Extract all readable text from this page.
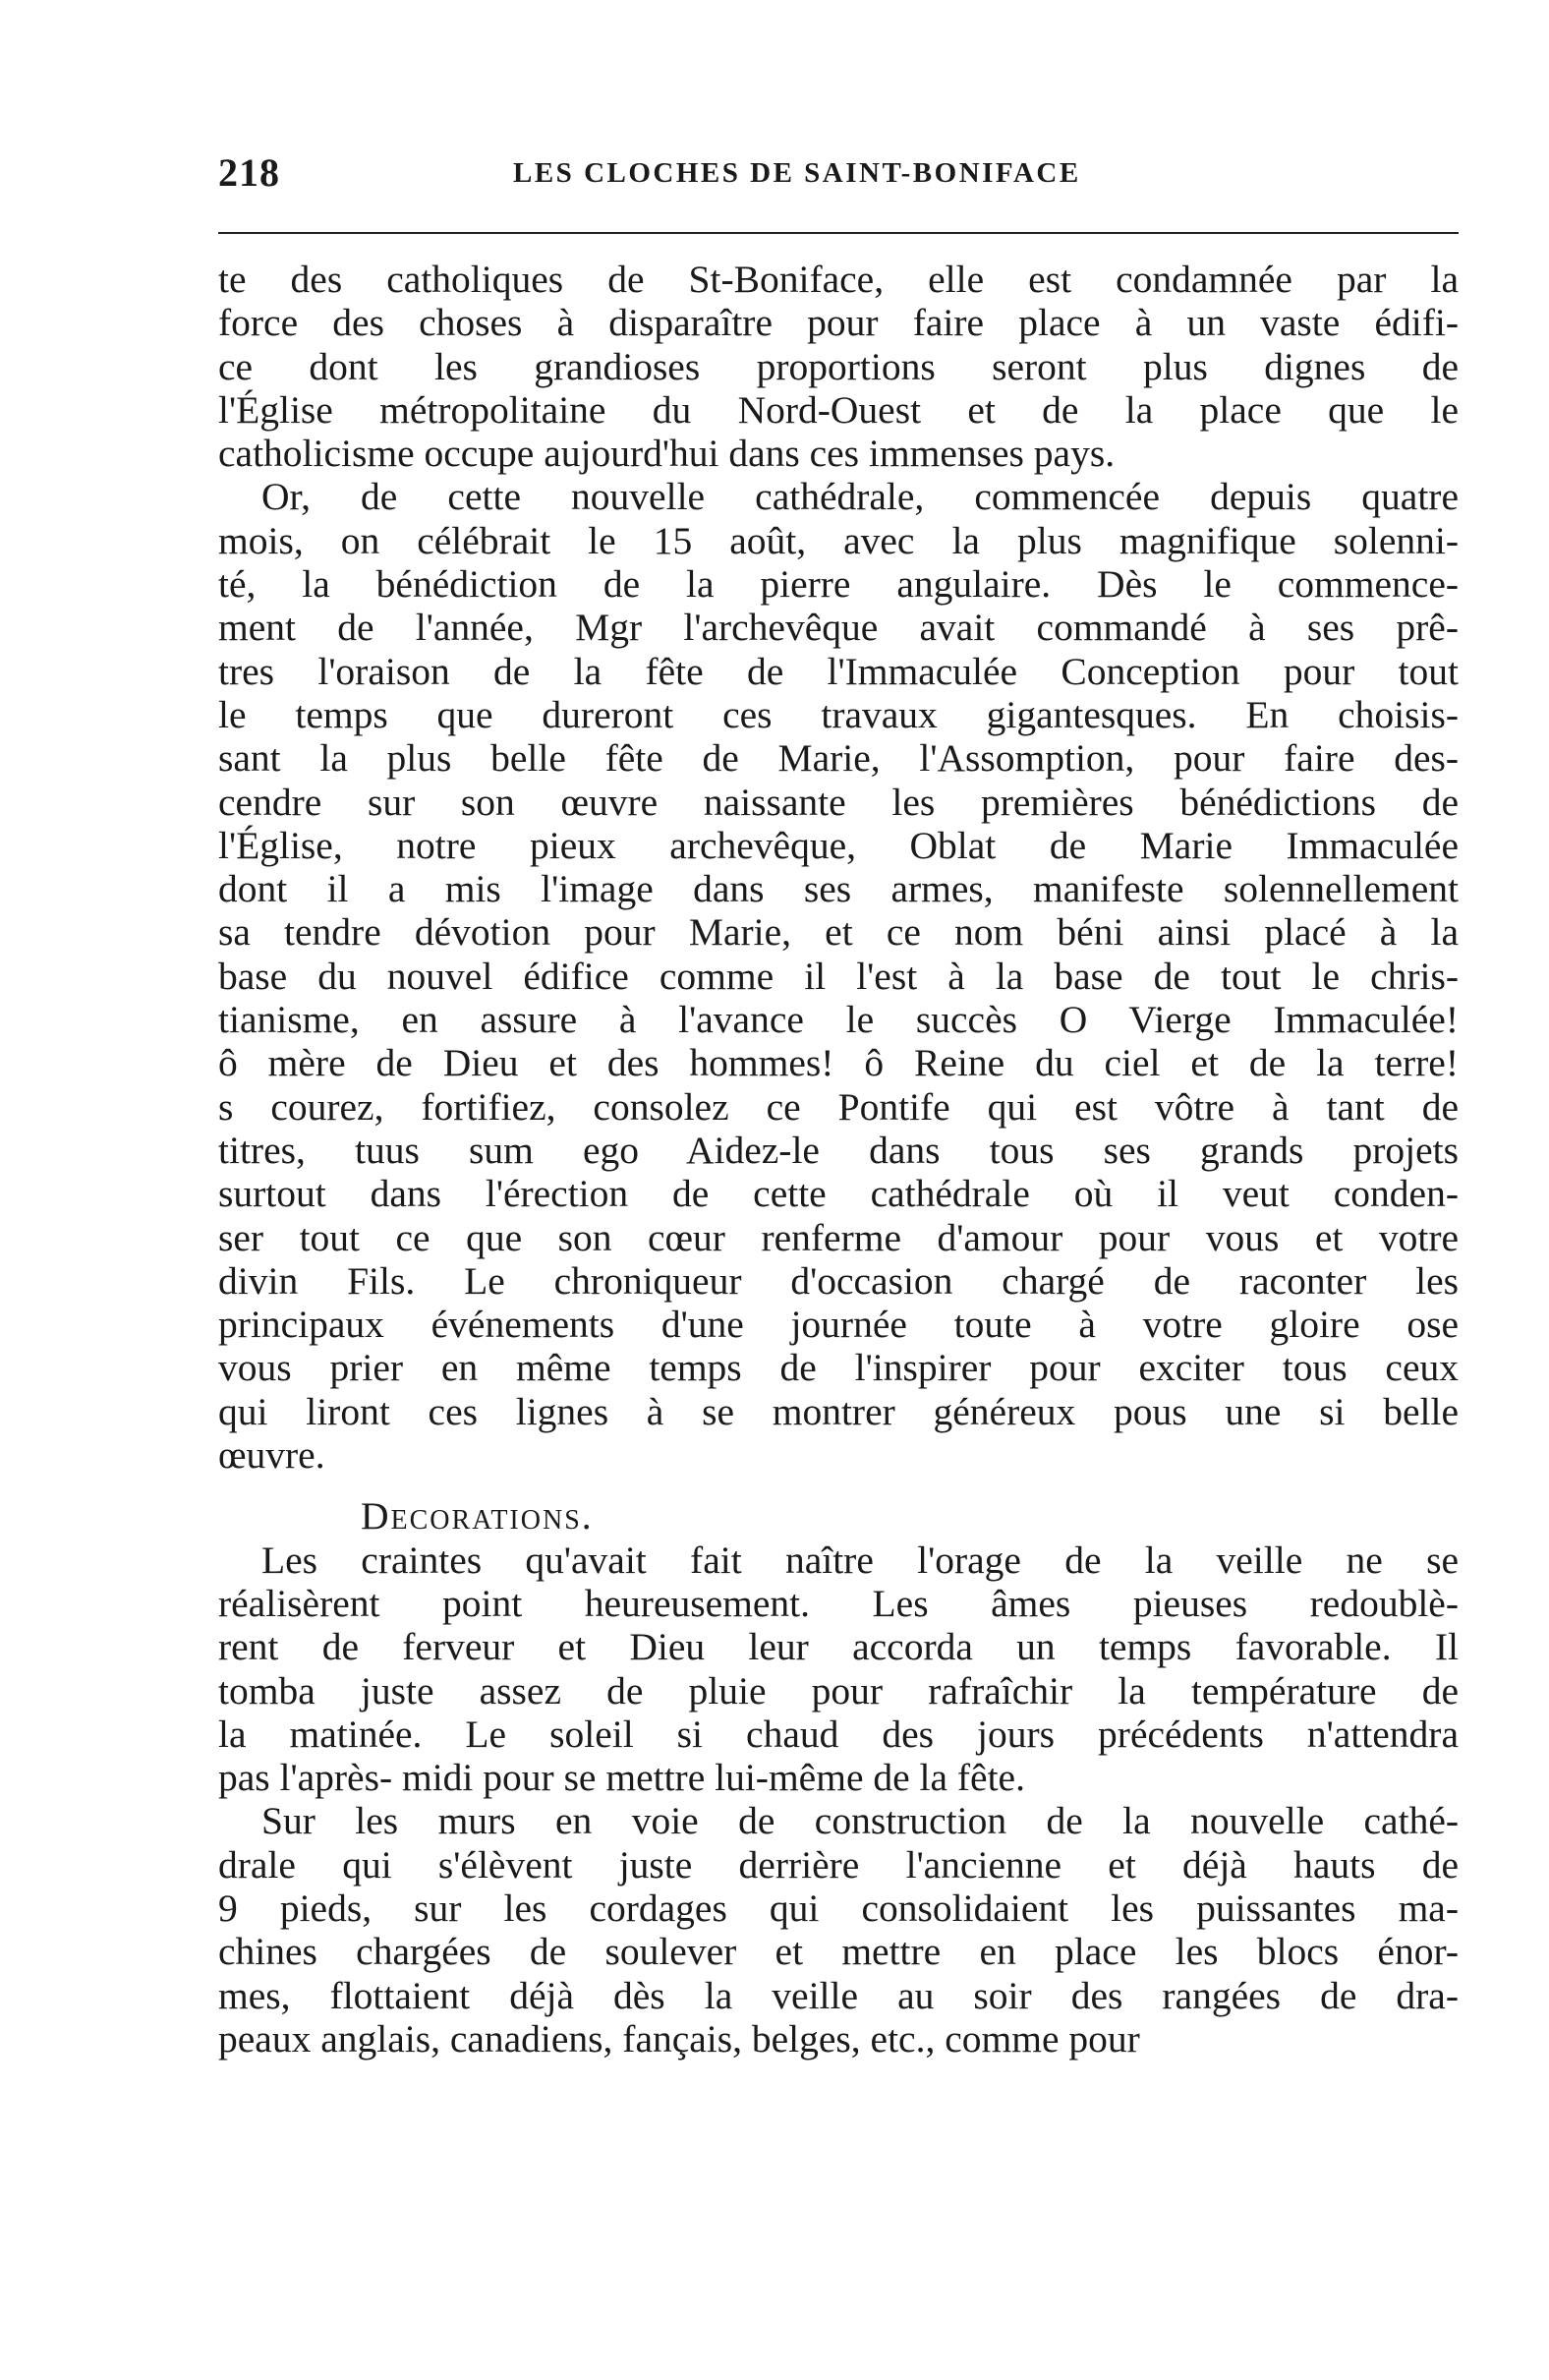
218	LES CLOCHES DE SAINT-BONIFACE
te des catholiques de St-Boniface, elle est condamnée par la
force des choses à disparaître pour faire place à un vaste édifi-
ce dont les grandioses proportions seront plus dignes de
l'Église métropolitaine du Nord-Ouest et de la place que le
catholicisme occupe aujourd'hui dans ces immenses pays.
Or, de cette nouvelle cathédrale, commencée depuis quatre
mois, on célébrait le 15 août, avec la plus magnifique solenni-
té, la bénédiction de la pierre angulaire. Dès le commence-
ment de l'année, Mgr l'archevêque avait commandé à ses prê-
tres l'oraison de la fête de l'Immaculée Conception pour tout
le temps que dureront ces travaux gigantesques. En choisis-
sant la plus belle fête de Marie, l'Assomption, pour faire des-
cendre sur son œuvre naissante les premières bénédictions de
l'Église, notre pieux archevêque, Oblat de Marie Immaculée
dont il a mis l'image dans ses armes, manifeste solennellement
sa tendre dévotion pour Marie, et ce nom béni ainsi placé à la
base du nouvel édifice comme il l'est à la base de tout le chris-
tianisme, en assure à l'avance le succès O Vierge Immaculée!
ô mère de Dieu et des hommes! ô Reine du ciel et de la terre!
s courez, fortifiez, consolez ce Pontife qui est vôtre à tant de
titres, tuus sum ego Aidez-le dans tous ses grands projets
surtout dans l'érection de cette cathédrale où il veut conden-
ser tout ce que son cœur renferme d'amour pour vous et votre
divin Fils. Le chroniqueur d'occasion chargé de raconter les
principaux événements d'une journée toute à votre gloire ose
vous prier en même temps de l'inspirer pour exciter tous ceux
qui liront ces lignes à se montrer généreux pous une si belle
œuvre.
Decorations.
Les craintes qu'avait fait naître l'orage de la veille ne se
réalisèrent point heureusement. Les âmes pieuses redoublè-
rent de ferveur et Dieu leur accorda un temps favorable. Il
tomba juste assez de pluie pour rafraîchir la température de
la matinée. Le soleil si chaud des jours précédents n'attendra
pas l'après- midi pour se mettre lui-même de la fête.
Sur les murs en voie de construction de la nouvelle cathé-
drale qui s'élèvent juste derrière l'ancienne et déjà hauts de
9 pieds, sur les cordages qui consolidaient les puissantes ma-
chines chargées de soulever et mettre en place les blocs énor-
mes, flottaient déjà dès la veille au soir des rangées de dra-
peaux anglais, canadiens, fançais, belges, etc., comme pour
